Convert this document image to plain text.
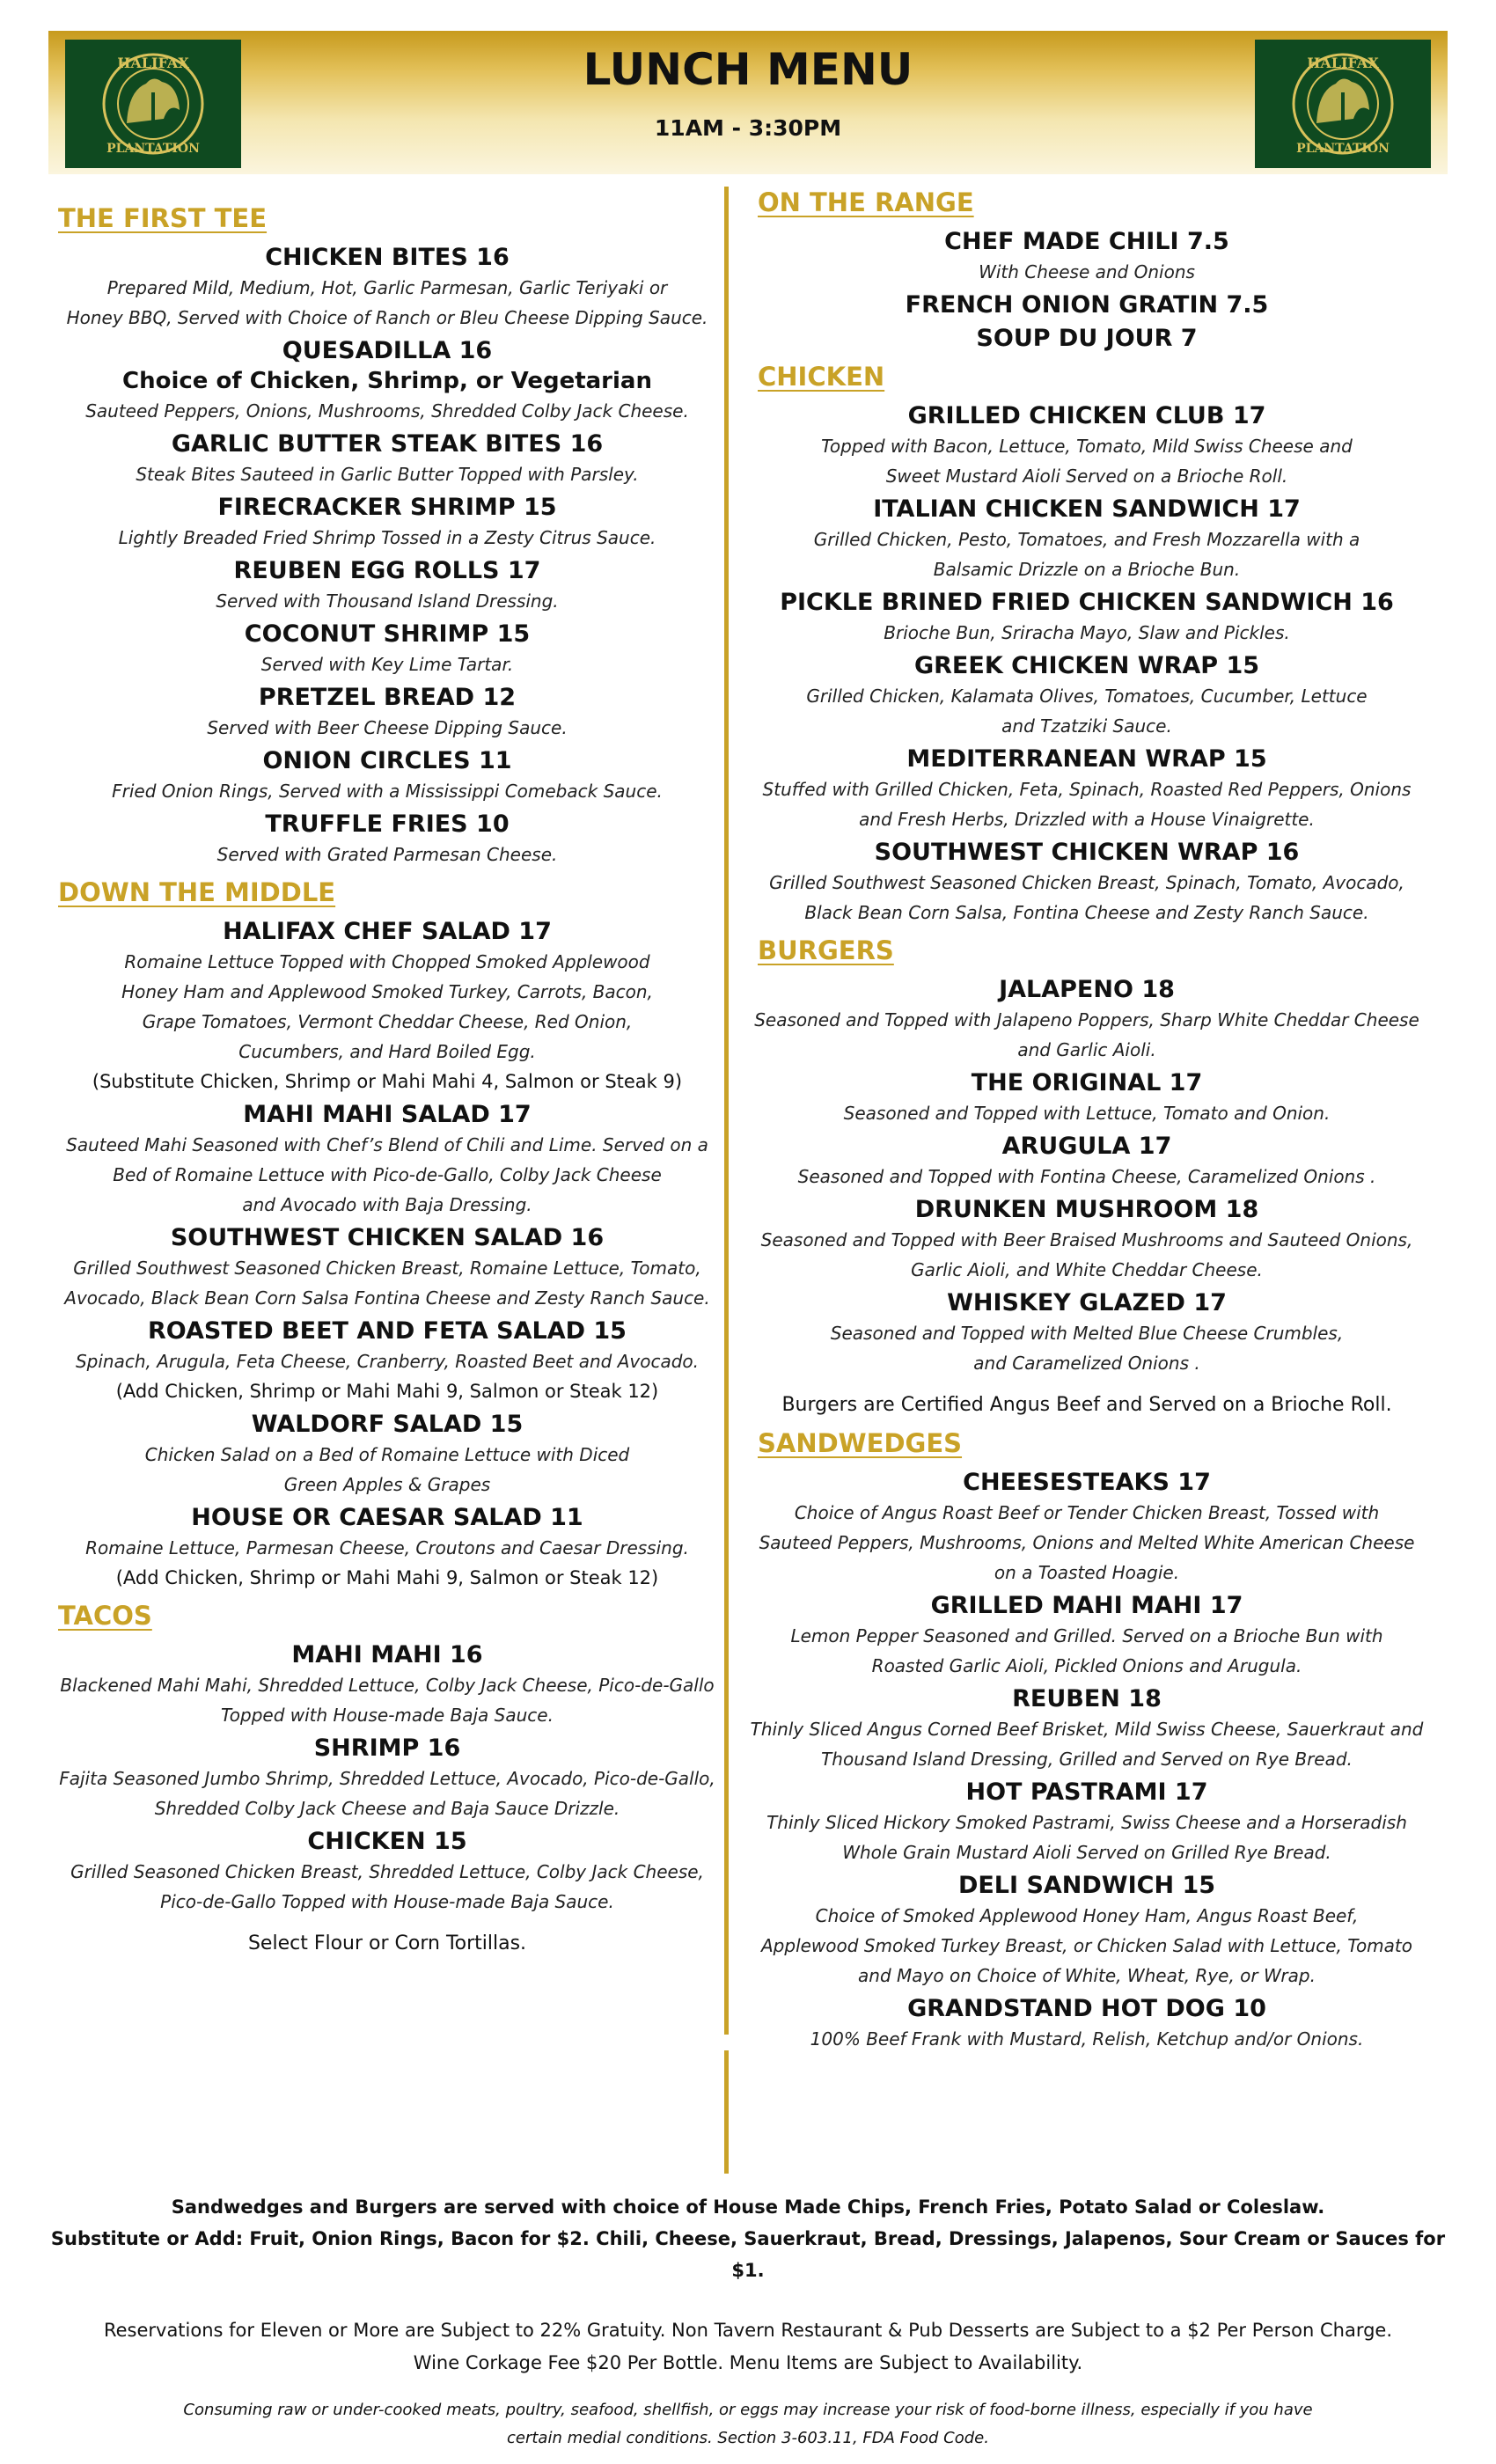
HALIFAX
PLANTATION
LUNCH MENU
11AM - 3:30PM
HALIFAX
PLANTATION
THE FIRST TEE
CHICKEN BITES 16
Prepared Mild, Medium, Hot, Garlic Parmesan, Garlic Teriyaki or
Honey BBQ, Served with Choice of Ranch or Bleu Cheese Dipping Sauce.
QUESADILLA 16
Choice of Chicken, Shrimp, or Vegetarian
Sauteed Peppers, Onions, Mushrooms, Shredded Colby Jack Cheese.
GARLIC BUTTER STEAK BITES 16
Steak Bites Sauteed in Garlic Butter Topped with Parsley.
FIRECRACKER SHRIMP 15
Lightly Breaded Fried Shrimp Tossed in a Zesty Citrus Sauce.
REUBEN EGG ROLLS 17
Served with Thousand Island Dressing.
COCONUT SHRIMP 15
Served with Key Lime Tartar.
PRETZEL BREAD 12
Served with Beer Cheese Dipping Sauce.
ONION CIRCLES 11
Fried Onion Rings, Served with a Mississippi Comeback Sauce.
TRUFFLE FRIES 10
Served with Grated Parmesan Cheese.
DOWN THE MIDDLE
HALIFAX CHEF SALAD 17
Romaine Lettuce Topped with Chopped Smoked Applewood
Honey Ham and Applewood Smoked Turkey, Carrots, Bacon,
Grape Tomatoes, Vermont Cheddar Cheese, Red Onion,
Cucumbers, and Hard Boiled Egg.
(Substitute Chicken, Shrimp or Mahi Mahi 4, Salmon or Steak 9)
MAHI MAHI SALAD 17
Sauteed Mahi Seasoned with Chef’s Blend of Chili and Lime. Served on a
Bed of Romaine Lettuce with Pico-de-Gallo, Colby Jack Cheese
and Avocado with Baja Dressing.
SOUTHWEST CHICKEN SALAD 16
Grilled Southwest Seasoned Chicken Breast, Romaine Lettuce, Tomato,
Avocado, Black Bean Corn Salsa Fontina Cheese and Zesty Ranch Sauce.
ROASTED BEET AND FETA SALAD 15
Spinach, Arugula, Feta Cheese, Cranberry, Roasted Beet and Avocado.
(Add Chicken, Shrimp or Mahi Mahi 9, Salmon or Steak 12)
WALDORF SALAD 15
Chicken Salad on a Bed of Romaine Lettuce with Diced
Green Apples & Grapes
HOUSE OR CAESAR SALAD 11
Romaine Lettuce, Parmesan Cheese, Croutons and Caesar Dressing.
(Add Chicken, Shrimp or Mahi Mahi 9, Salmon or Steak 12)
TACOS
MAHI MAHI 16
Blackened Mahi Mahi, Shredded Lettuce, Colby Jack Cheese, Pico-de-Gallo
Topped with House-made Baja Sauce.
SHRIMP 16
Fajita Seasoned Jumbo Shrimp, Shredded Lettuce, Avocado, Pico-de-Gallo,
Shredded Colby Jack Cheese and Baja Sauce Drizzle.
CHICKEN 15
Grilled Seasoned Chicken Breast, Shredded Lettuce, Colby Jack Cheese,
Pico-de-Gallo Topped with House-made Baja Sauce.
Select Flour or Corn Tortillas.
ON THE RANGE
CHEF MADE CHILI 7.5
With Cheese and Onions
FRENCH ONION GRATIN 7.5
SOUP DU JOUR 7
CHICKEN
GRILLED CHICKEN CLUB 17
Topped with Bacon, Lettuce, Tomato, Mild Swiss Cheese and
Sweet Mustard Aioli Served on a Brioche Roll.
ITALIAN CHICKEN SANDWICH 17
Grilled Chicken, Pesto, Tomatoes, and Fresh Mozzarella with a
Balsamic Drizzle on a Brioche Bun.
PICKLE BRINED FRIED CHICKEN SANDWICH 16
Brioche Bun, Sriracha Mayo, Slaw and Pickles.
GREEK CHICKEN WRAP 15
Grilled Chicken, Kalamata Olives, Tomatoes, Cucumber, Lettuce
and Tzatziki Sauce.
MEDITERRANEAN WRAP 15
Stuffed with Grilled Chicken, Feta, Spinach, Roasted Red Peppers, Onions
and Fresh Herbs, Drizzled with a House Vinaigrette.
SOUTHWEST CHICKEN WRAP 16
Grilled Southwest Seasoned Chicken Breast, Spinach, Tomato, Avocado,
Black Bean Corn Salsa, Fontina Cheese and Zesty Ranch Sauce.
BURGERS
JALAPENO 18
Seasoned and Topped with Jalapeno Poppers, Sharp White Cheddar Cheese
and Garlic Aioli.
THE ORIGINAL 17
Seasoned and Topped with Lettuce, Tomato and Onion.
ARUGULA 17
Seasoned and Topped with Fontina Cheese, Caramelized Onions .
DRUNKEN MUSHROOM 18
Seasoned and Topped with Beer Braised Mushrooms and Sauteed Onions,
Garlic Aioli, and White Cheddar Cheese.
WHISKEY GLAZED 17
Seasoned and Topped with Melted Blue Cheese Crumbles,
and Caramelized Onions .
Burgers are Certified Angus Beef and Served on a Brioche Roll.
SANDWEDGES
CHEESESTEAKS 17
Choice of Angus Roast Beef or Tender Chicken Breast, Tossed with
Sauteed Peppers, Mushrooms, Onions and Melted White American Cheese
on a Toasted Hoagie.
GRILLED MAHI MAHI 17
Lemon Pepper Seasoned and Grilled. Served on a Brioche Bun with
Roasted Garlic Aioli, Pickled Onions and Arugula.
REUBEN 18
Thinly Sliced Angus Corned Beef Brisket, Mild Swiss Cheese, Sauerkraut and
Thousand Island Dressing, Grilled and Served on Rye Bread.
HOT PASTRAMI 17
Thinly Sliced Hickory Smoked Pastrami, Swiss Cheese and a Horseradish
Whole Grain Mustard Aioli Served on Grilled Rye Bread.
DELI SANDWICH 15
Choice of Smoked Applewood Honey Ham, Angus Roast Beef,
Applewood Smoked Turkey Breast, or Chicken Salad with Lettuce, Tomato
and Mayo on Choice of White, Wheat, Rye, or Wrap.
GRANDSTAND HOT DOG 10
100% Beef Frank with Mustard, Relish, Ketchup and/or Onions.
Sandwedges and Burgers are served with choice of House Made Chips, French Fries, Potato Salad or Coleslaw.
Substitute or Add: Fruit, Onion Rings, Bacon for $2. Chili, Cheese, Sauerkraut, Bread, Dressings, Jalapenos, Sour Cream or Sauces for $1.
Reservations for Eleven or More are Subject to 22% Gratuity. Non Tavern Restaurant & Pub Desserts are Subject to a $2 Per Person Charge.
Wine Corkage Fee $20 Per Bottle. Menu Items are Subject to Availability.
Consuming raw or under-cooked meats, poultry, seafood, shellfish, or eggs may increase your risk of food-borne illness, especially if you have
certain medial conditions. Section 3-603.11, FDA Food Code.
